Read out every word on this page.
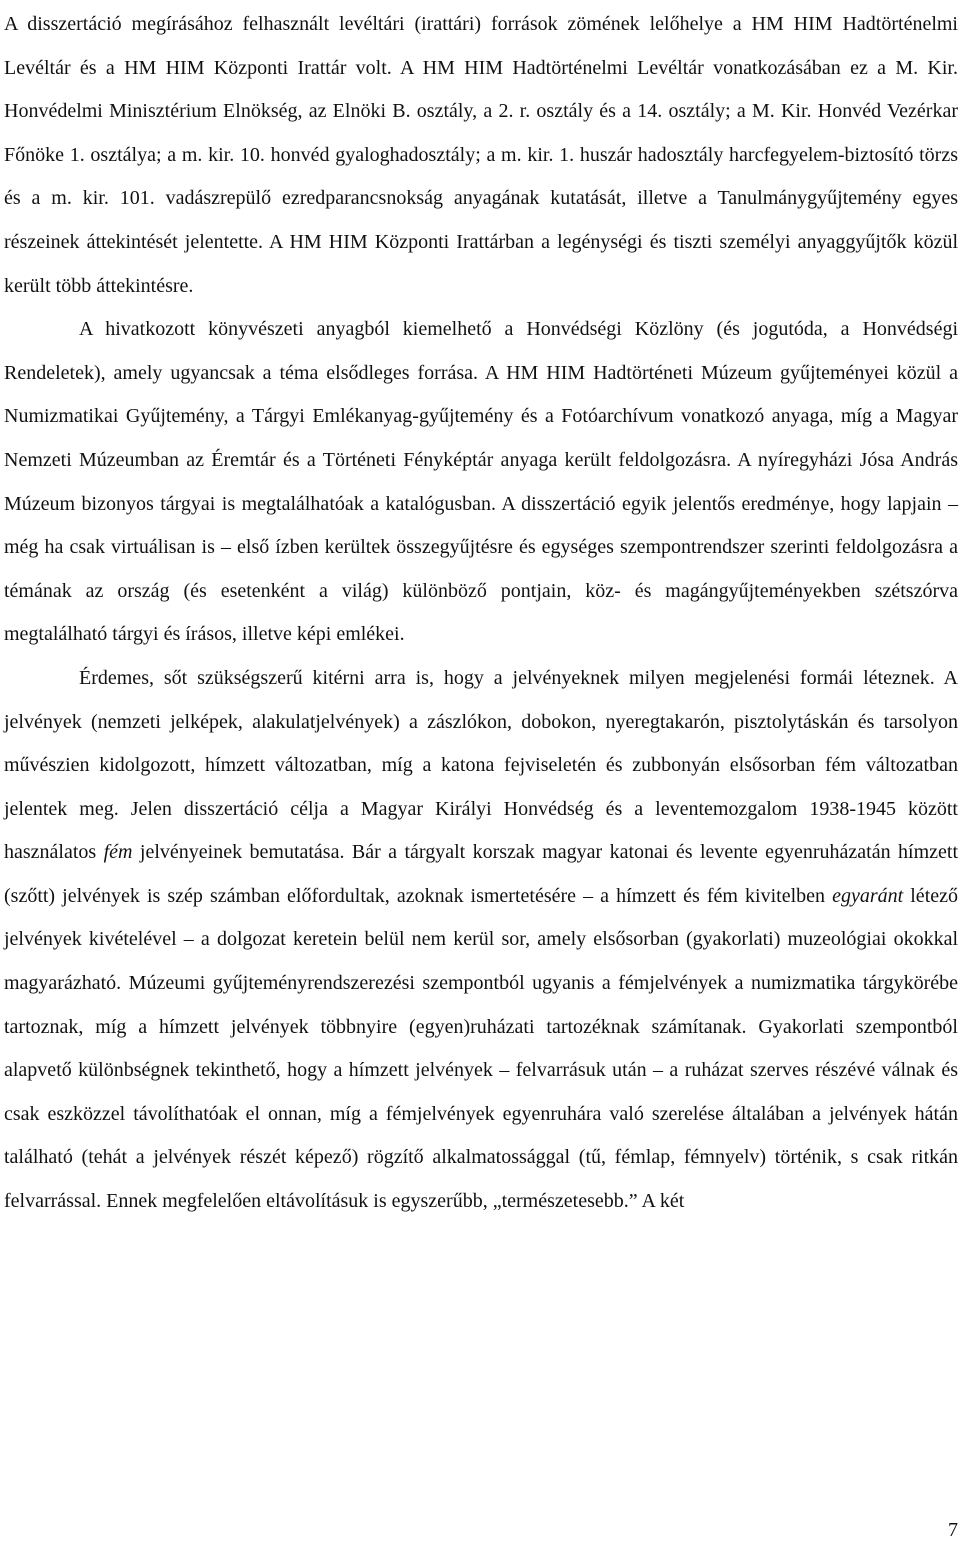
A disszertáció megírásához felhasznált levéltári (irattári) források zömének lelőhelye a HM HIM Hadtörténelmi Levéltár és a HM HIM Központi Irattár volt. A HM HIM Hadtörténelmi Levéltár vonatkozásában ez a M. Kir. Honvédelmi Minisztérium Elnökség, az Elnöki B. osztály, a 2. r. osztály és a 14. osztály; a M. Kir. Honvéd Vezérkar Főnöke 1. osztálya; a m. kir. 10. honvéd gyaloghadosztály; a m. kir. 1. huszár hadosztály harcfegyelem-biztosító törzs és a m. kir. 101. vadászrepülő ezredparancsnokság anyagának kutatását, illetve a Tanulmánygyűjtemény egyes részeinek áttekintését jelentette. A HM HIM Központi Irattárban a legénységi és tiszti személyi anyaggyűjtők közül került több áttekintésre.

A hivatkozott könyvészeti anyagból kiemelhető a Honvédségi Közlöny (és jogutóda, a Honvédségi Rendeletek), amely ugyancsak a téma elsődleges forrása. A HM HIM Hadtörténeti Múzeum gyűjteményei közül a Numizmatikai Gyűjtemény, a Tárgyi Emlékanyag-gyűjtemény és a Fotóarchívum vonatkozó anyaga, míg a Magyar Nemzeti Múzeumban az Éremtár és a Történeti Fényképtár anyaga került feldolgozásra. A nyíregyházi Jósa András Múzeum bizonyos tárgyai is megtalálhatóak a katalógusban. A disszertáció egyik jelentős eredménye, hogy lapjain – még ha csak virtuálisan is – első ízben kerültek összegyűjtésre és egységes szempontrendszer szerinti feldolgozásra a témának az ország (és esetenként a világ) különböző pontjain, köz- és magángyűjteményekben szétszórva megtalálható tárgyi és írásos, illetve képi emlékei.

Érdemes, sőt szükségszerű kitérni arra is, hogy a jelvényeknek milyen megjelenési formái léteznek. A jelvények (nemzeti jelképek, alakulatjelvények) a zászlókon, dobokon, nyeregtakarón, pisztolytáskán és tarsolyon művészien kidolgozott, hímzett változatban, míg a katona fejviseletén és zubbonyán elsősorban fém változatban jelentek meg. Jelen disszertáció célja a Magyar Királyi Honvédség és a leventemozgalom 1938-1945 között használatos fém jelvényeinek bemutatása. Bár a tárgyalt korszak magyar katonai és levente egyenruházatán hímzett (szőtt) jelvények is szép számban előfordultak, azoknak ismertetésére – a hímzett és fém kivitelben egyaránt létező jelvények kivételével – a dolgozat keretein belül nem kerül sor, amely elsősorban (gyakorlati) muzeológiai okokkal magyarázható. Múzeumi gyűjteményrendszerezési szempontból ugyanis a fémjelvények a numizmatika tárgykörébe tartoznak, míg a hímzett jelvények többnyire (egyen)ruházati tartozéknak számítanak. Gyakorlati szempontból alapvető különbségnek tekinthető, hogy a hímzett jelvények – felvarrásuk után – a ruházat szerves részévé válnak és csak eszközzel távolíthatóak el onnan, míg a fémjelvények egyenruhára való szerelése általában a jelvények hátán található (tehát a jelvények részét képező) rögzítő alkalmatossággal (tű, fémlap, fémnyelv) történik, s csak ritkán felvarrással. Ennek megfelelően eltávolításuk is egyszerűbb, „természetesebb.” A két

7
